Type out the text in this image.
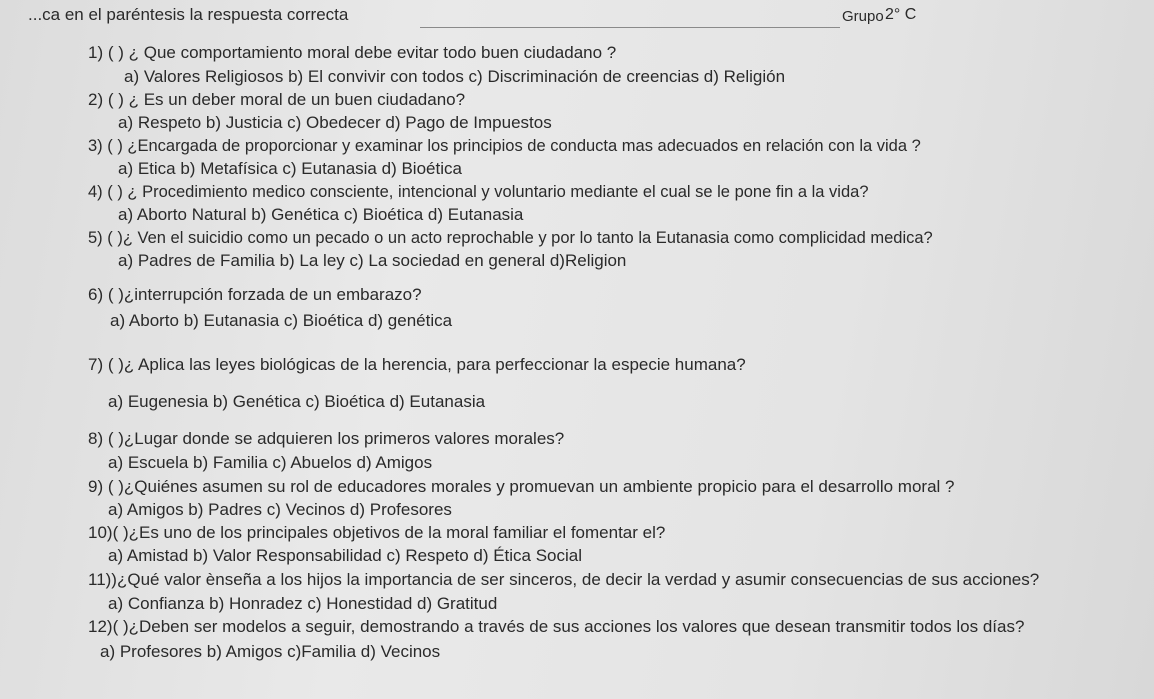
...ca en el paréntesis la respuesta correcta	Grupo 2° C
1) ( ) ¿ Que comportamiento moral debe evitar todo buen ciudadano ?
a) Valores Religiosos b) El convivir con todos c) Discriminación de creencias d) Religión
2) ( ) ¿ Es un deber moral de un buen ciudadano?
a) Respeto b) Justicia c) Obedecer d) Pago de Impuestos
3) ( ) ¿Encargada de proporcionar y examinar los principios de conducta mas adecuados en relación con la vida ?
a) Etica b) Metafísica c) Eutanasia d) Bioética
4) ( ) ¿ Procedimiento medico consciente, intencional y voluntario mediante el cual se le pone fin a la vida?
a) Aborto Natural b) Genética c) Bioética d) Eutanasia
5) ( )¿ Ven el suicidio como un pecado o un acto reprochable y por lo tanto la Eutanasia como complicidad medica?
a) Padres de Familia b) La ley c) La sociedad en general d)Religion
6) ( )¿interrupción forzada de un embarazo?
a) Aborto b) Eutanasia c) Bioética d) genética
7) ( )¿ Aplica las leyes biológicas de la herencia, para perfeccionar la especie humana?
a) Eugenesia b) Genética c) Bioética d) Eutanasia
8) ( )¿Lugar donde se adquieren los primeros valores morales?
a) Escuela b) Familia c) Abuelos d) Amigos
9) ( )¿Quiénes asumen su rol de educadores morales y promuevan un ambiente propicio para el desarrollo moral ?
a) Amigos b) Padres c) Vecinos d) Profesores
10)( )¿Es uno de los principales objetivos de la moral familiar el fomentar el?
a) Amistad b) Valor Responsabilidad c) Respeto d) Ética Social
11))¿Qué valor ènseña a los hijos la importancia de ser sinceros, de decir la verdad y asumir consecuencias de sus acciones?
a) Confianza b) Honradez c) Honestidad d) Gratitud
12)( )¿Deben ser modelos a seguir, demostrando a través de sus acciones los valores que desean transmitir todos los días?
a) Profesores b) Amigos c)Familia d) Vecinos
